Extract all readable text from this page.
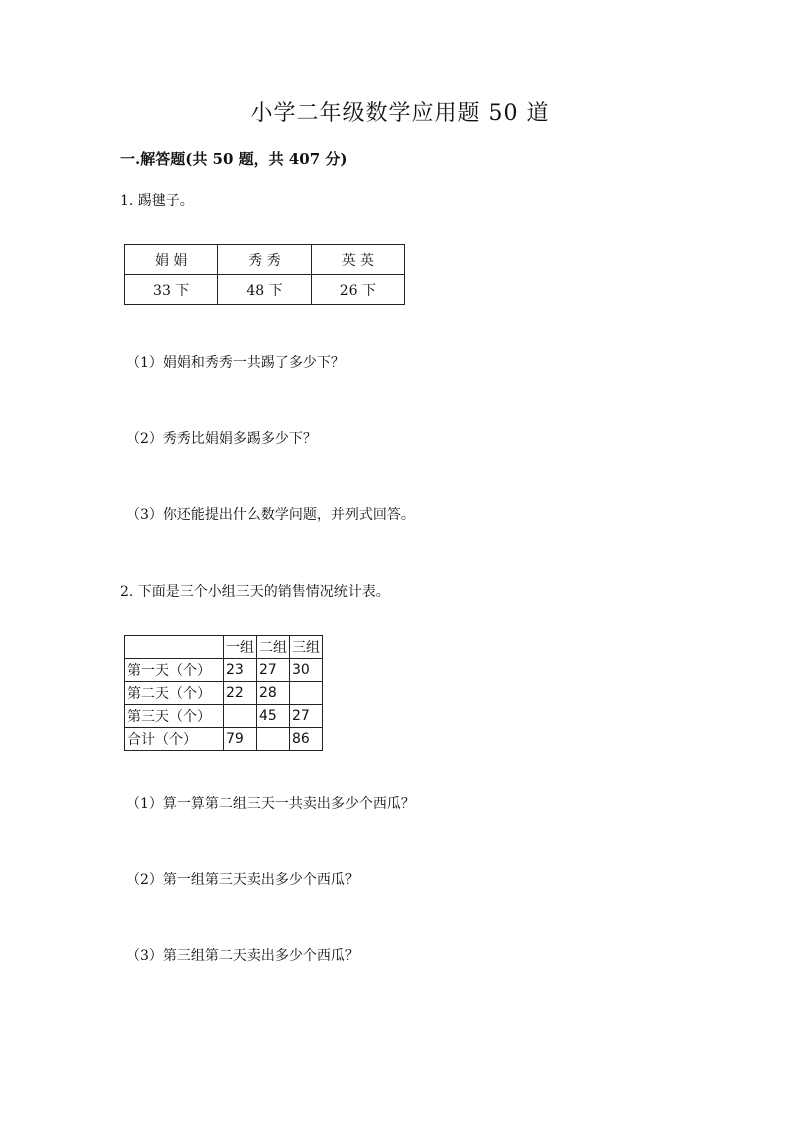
小学二年级数学应用题 50 道
一.解答题(共 50 题，共 407 分)
1. 踢毽子。
娟 娟	秀 秀	英 英
33 下	48 下	26 下
（1）娟娟和秀秀一共踢了多少下？
（2）秀秀比娟娟多踢多少下？
（3）你还能提出什么数学问题，并列式回答。
2. 下面是三个小组三天的销售情况统计表。
	一组	二组	三组
第一天（个）	23	27	30
第二天（个）	22	28	
第三天（个）		45	27
合计（个）	79		86
（1）算一算第二组三天一共卖出多少个西瓜？
（2）第一组第三天卖出多少个西瓜？
（3）第三组第二天卖出多少个西瓜？
